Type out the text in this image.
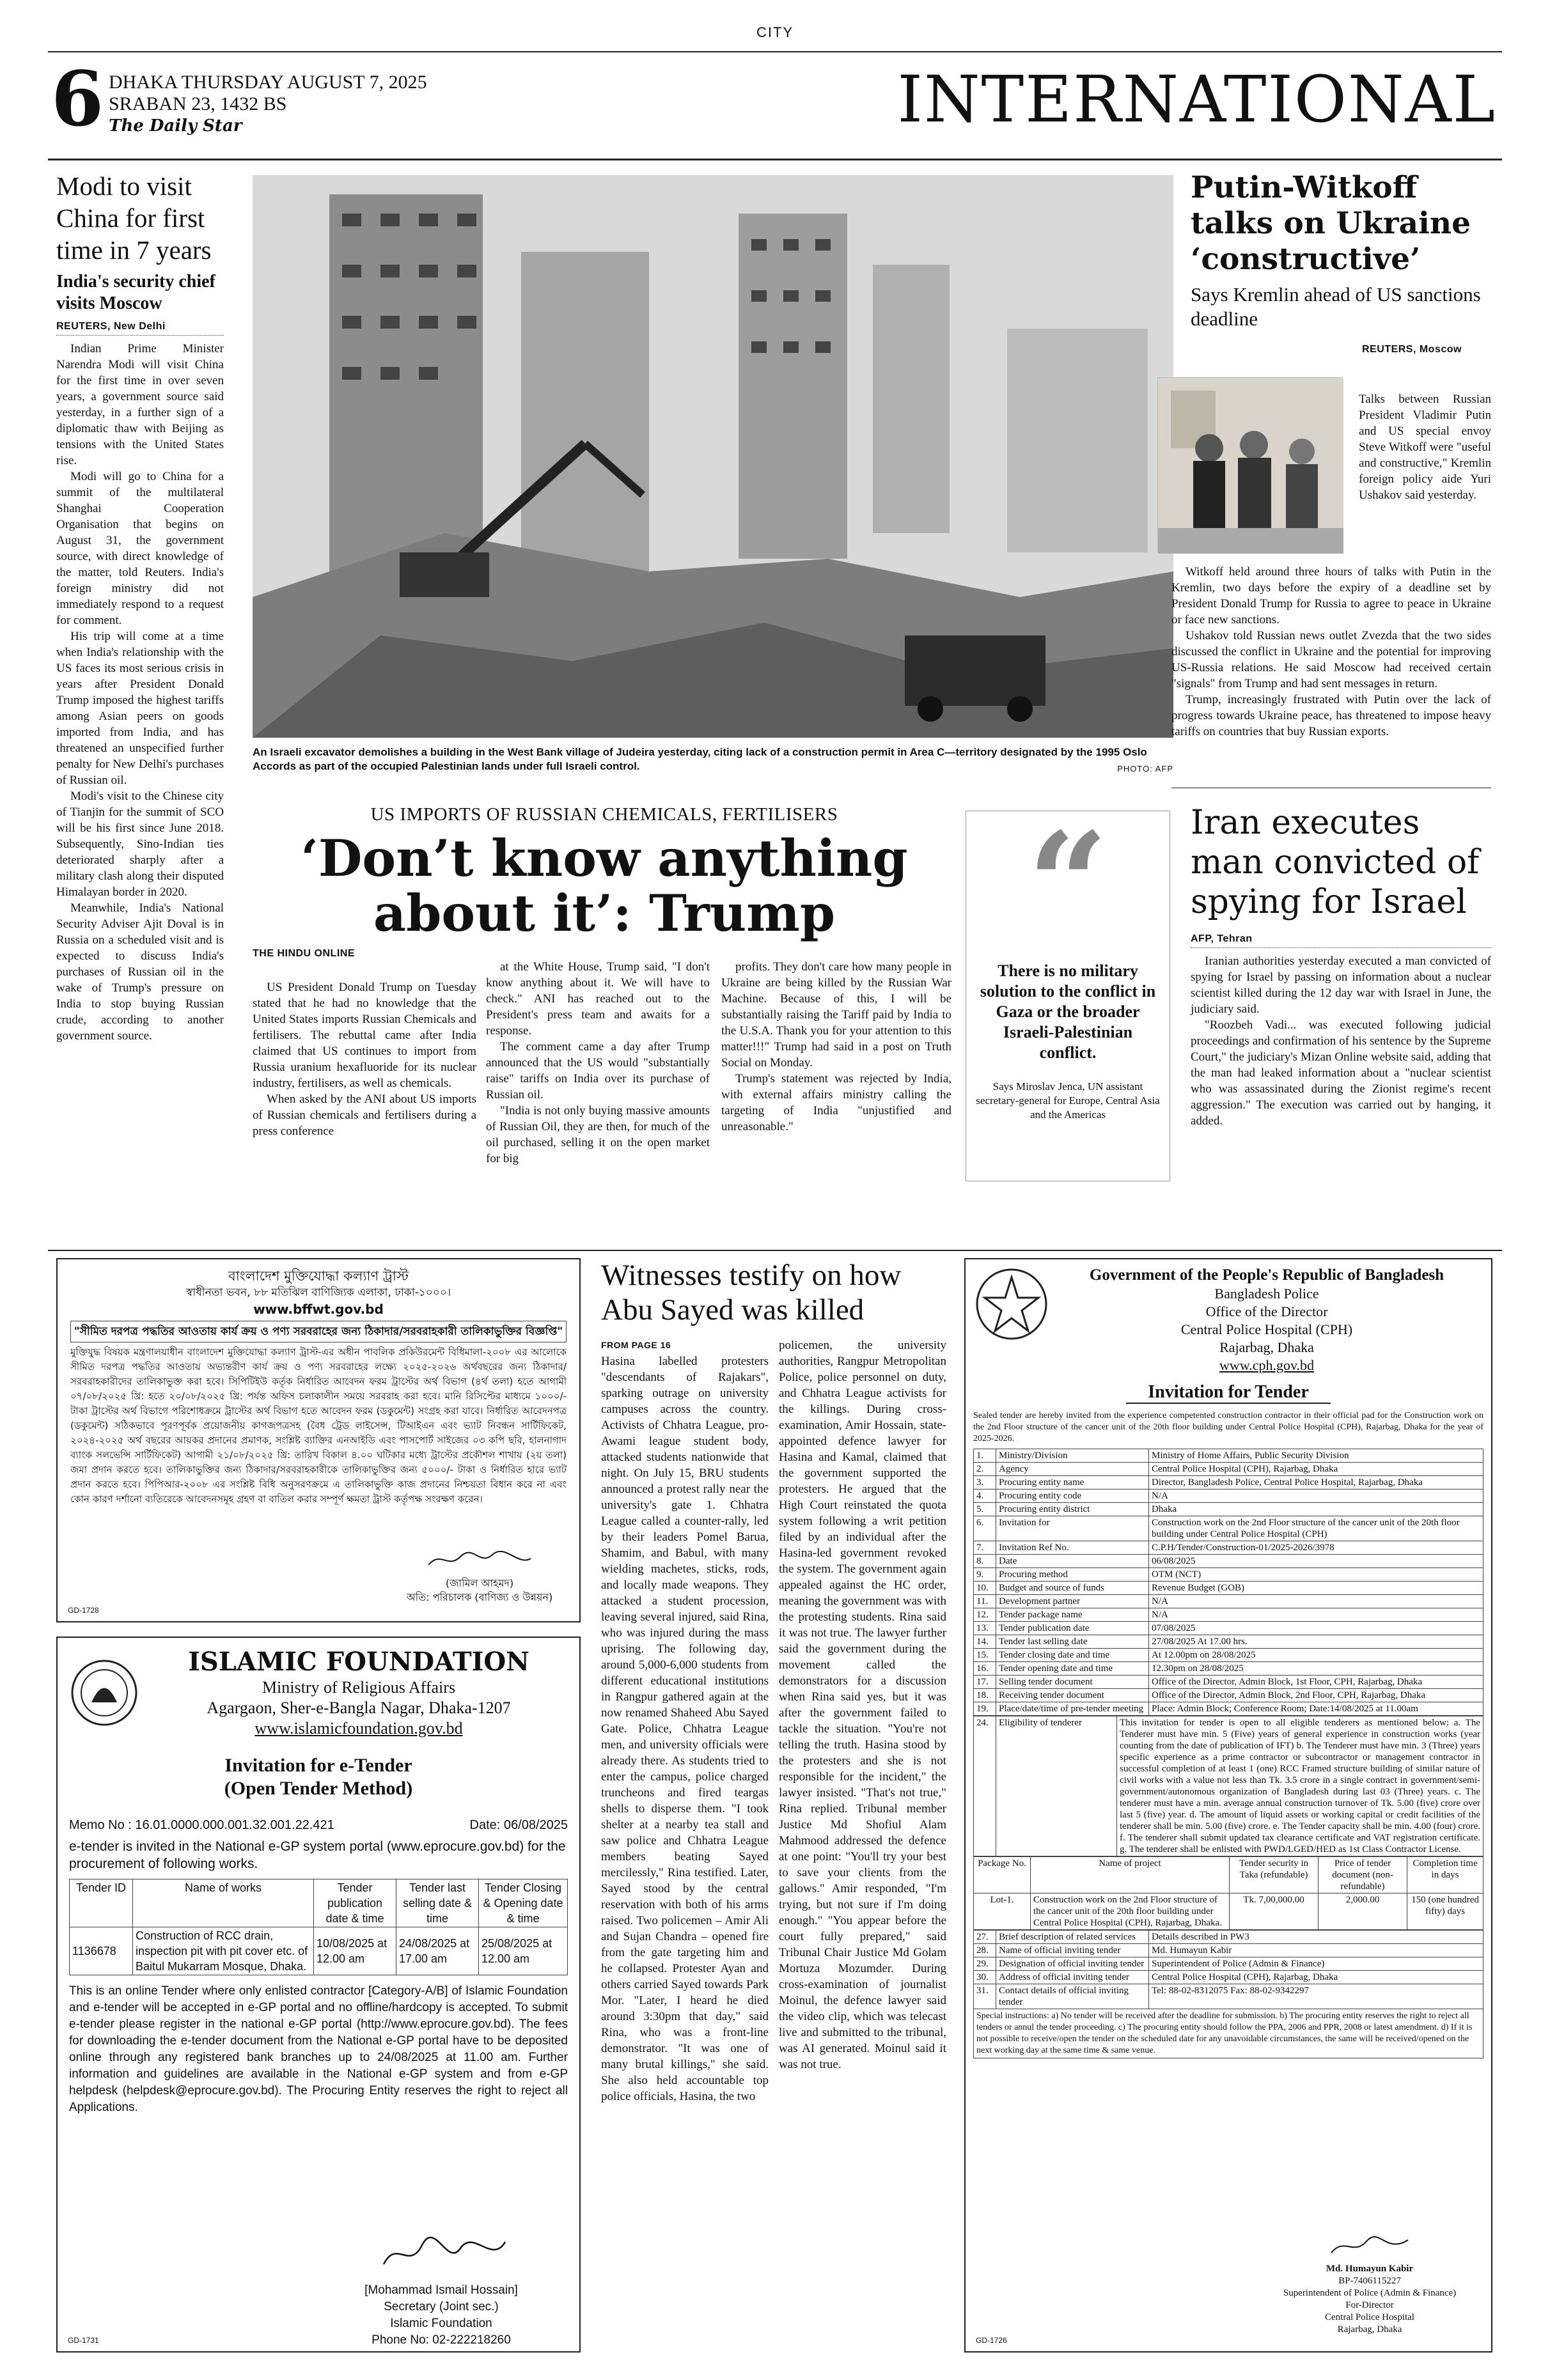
CITY
6 DHAKA THURSDAY AUGUST 7, 2025
SRABAN 23, 1432 BS
The Daily Star	INTERNATIONAL
Modi to visit China for first time in 7 years
India's security chief visits Moscow
REUTERS, New Delhi

Indian Prime Minister Narendra Modi will visit China for the first time in over seven years, a government source said yesterday, in a further sign of a diplomatic thaw with Beijing as tensions with the United States rise.

Modi will go to China for a summit of the multilateral Shanghai Cooperation Organisation that begins on August 31, the government source, with direct knowledge of the matter, told Reuters. India's foreign ministry did not immediately respond to a request for comment.

His trip will come at a time when India's relationship with the US faces its most serious crisis in years after President Donald Trump imposed the highest tariffs among Asian peers on goods imported from India, and has threatened an unspecified further penalty for New Delhi's purchases of Russian oil.

Modi's visit to the Chinese city of Tianjin for the summit of SCO will be his first since June 2018. Subsequently, Sino-Indian ties deteriorated sharply after a military clash along their disputed Himalayan border in 2020.

Meanwhile, India's National Security Adviser Ajit Doval is in Russia on a scheduled visit and is expected to discuss India's purchases of Russian oil in the wake of Trump's pressure on India to stop buying Russian crude, according to another government source.

An Israeli excavator demolishes a building in the West Bank village of Judeira yesterday, citing lack of a construction permit in Area C—territory designated by the 1995 Oslo Accords as part of the occupied Palestinian lands under full Israeli control.	PHOTO: AFP
US IMPORTS OF RUSSIAN CHEMICALS, FERTILISERS
‘Don’t know anything
about it’: Trump
THE HINDU ONLINE

US President Donald Trump on Tuesday stated that he had no knowledge that the United States imports Russian Chemicals and fertilisers. The rebuttal came after India claimed that US continues to import from Russia uranium hexafluoride for its nuclear industry, fertilisers, as well as chemicals.

When asked by the ANI about US imports of Russian chemicals and fertilisers during a press conference

at the White House, Trump said, "I don't know anything about it. We will have to check." ANI has reached out to the President's press team and awaits for a response.

The comment came a day after Trump announced that the US would "substantially raise" tariffs on India over its purchase of Russian oil.

"India is not only buying massive amounts of Russian Oil, they are then, for much of the oil purchased, selling it on the open market for big

profits. They don't care how many people in Ukraine are being killed by the Russian War Machine. Because of this, I will be substantially raising the Tariff paid by India to the U.S.A. Thank you for your attention to this matter!!!" Trump had said in a post on Truth Social on Monday.

Trump's statement was rejected by India, with external affairs ministry calling the targeting of India "unjustified and unreasonable."

“
There is no military solution to the conflict in Gaza or the broader Israeli-Palestinian conflict.
Says Miroslav Jenca, UN assistant secretary-general for Europe, Central Asia and the Americas
Putin-Witkoff talks on Ukraine ‘constructive’
Says Kremlin ahead of US sanctions deadline
REUTERS, Moscow

Talks between Russian President Vladimir Putin and US special envoy Steve Witkoff were "useful and constructive," Kremlin foreign policy aide Yuri Ushakov said yesterday.

Witkoff held around three hours of talks with Putin in the Kremlin, two days before the expiry of a deadline set by President Donald Trump for Russia to agree to peace in Ukraine or face new sanctions.

Ushakov told Russian news outlet Zvezda that the two sides discussed the conflict in Ukraine and the potential for improving US-Russia relations. He said Moscow had received certain "signals" from Trump and had sent messages in return.

Trump, increasingly frustrated with Putin over the lack of progress towards Ukraine peace, has threatened to impose heavy tariffs on countries that buy Russian exports.

Iran executes man convicted of spying for Israel
AFP, Tehran

Iranian authorities yesterday executed a man convicted of spying for Israel by passing on information about a nuclear scientist killed during the 12 day war with Israel in June, the judiciary said.

"Roozbeh Vadi... was executed following judicial proceedings and confirmation of his sentence by the Supreme Court," the judiciary's Mizan Online website said, adding that the man had leaked information about a "nuclear scientist who was assassinated during the Zionist regime's recent aggression." The execution was carried out by hanging, it added.

Witnesses testify on how Abu Sayed was killed
FROM PAGE 16

Hasina labelled protesters "descendants of Rajakars", sparking outrage on university campuses across the country. Activists of Chhatra League, pro-Awami league student body, attacked students nationwide that night. On July 15, BRU students announced a protest rally near the university's gate 1. Chhatra League called a counter-rally, led by their leaders Pomel Barua, Shamim, and Babul, with many wielding machetes, sticks, rods, and locally made weapons. They attacked a student procession, leaving several injured, said Rina, who was injured during the mass uprising. The following day, around 5,000-6,000 students from different educational institutions in Rangpur gathered again at the now renamed Shaheed Abu Sayed Gate. Police, Chhatra League men, and university officials were already there. As students tried to enter the campus, police charged truncheons and fired teargas shells to disperse them. "I took shelter at a nearby tea stall and saw police and Chhatra League members beating Sayed mercilessly," Rina testified. Later, Sayed stood by the central reservation with both of his arms raised. Two policemen – Amir Ali and Sujan Chandra – opened fire from the gate targeting him and he collapsed. Protester Ayan and others carried Sayed towards Park Mor. "Later, I heard he died around 3:30pm that day," said Rina, who was a front-line demonstrator. "It was one of many brutal killings," she said. She also held accountable top police officials, Hasina, the two

policemen, the university authorities, Rangpur Metropolitan Police, police personnel on duty, and Chhatra League activists for the killings. During cross-examination, Amir Hossain, state-appointed defence lawyer for Hasina and Kamal, claimed that the government supported the protesters. He argued that the High Court reinstated the quota system following a writ petition filed by an individual after the Hasina-led government revoked the system. The government again appealed against the HC order, meaning the government was with the protesting students. Rina said it was not true. The lawyer further said the government during the movement called the demonstrators for a discussion when Rina said yes, but it was after the government failed to tackle the situation. "You're not telling the truth. Hasina stood by the protesters and she is not responsible for the incident," the lawyer insisted. "That's not true," Rina replied. Tribunal member Justice Md Shofiul Alam Mahmood addressed the defence at one point: "You'll try your best to save your clients from the gallows." Amir responded, "I'm trying, but not sure if I'm doing enough." "You appear before the court fully prepared," said Tribunal Chair Justice Md Golam Mortuza Mozumder. During cross-examination of journalist Moinul, the defence lawyer said the video clip, which was telecast live and submitted to the tribunal, was AI generated. Moinul said it was not true.

বাংলাদেশ মুক্তিযোদ্ধা কল্যাণ ট্রাস্ট
স্বাধীনতা ভবন, ৮৮ মতিঝিল বাণিজ্যিক এলাকা, ঢাকা-১০০০।
www.bffwt.gov.bd
"সীমিত দরপত্র পদ্ধতির আওতায় কার্য ক্রয় ও পণ্য সরবরাহের জন্য ঠিকাদার/সরবরাহকারী তালিকাভুক্তির বিজ্ঞপ্তি"
মুক্তিযুদ্ধ বিষয়ক মন্ত্রণালয়াধীন বাংলাদেশ মুক্তিযোদ্ধা কল্যাণ ট্রাস্ট-এর অধীন পাবলিক প্রকিউরমেন্ট বিধিমালা-২০০৮ এর আলোকে সীমিত দরপত্র পদ্ধতির আওতায় অভ্যন্তরীণ কার্য ক্রয় ও পণ্য সরবরাহের লক্ষ্যে ২০২৫-২০২৬ অর্থবছরের জন্য ঠিকাদার/সরবরাহকারীদের তালিকাভুক্ত করা হবে। সিপিটিইউ কর্তৃক নির্ধারিত আবেদন ফরম ট্রাস্টের অর্থ বিভাগ (৪র্থ তলা) হতে আগামী ০৭/০৮/২০২৫ খ্রি: হতে ২০/০৮/২০২৫ খ্রি: পর্যন্ত অফিস চলাকালীন সময়ে সরবরাহ করা হবে। মানি রিসিপ্টের মাধ্যমে ১০০০/- টাকা ট্রাস্টের অর্থ বিভাগে পরিশোধক্রমে ট্রাস্টের অর্থ বিভাগ হতে আবেদন ফরম (ডকুমেন্ট) সংগ্রহ করা যাবে। নির্ধারিত আবেদনপত্র (ডকুমেন্ট) সঠিকভাবে পূরণপূর্বক প্রয়োজনীয় কাগজপত্রসহ (বৈধ ট্রেড লাইসেন্স, টিআইএন এবং ভ্যাট নিবন্ধন সার্টিফিকেট, ২০২৪-২০২৫ অর্থ বছরের আয়কর প্রদানের প্রমাণক, সংশ্লিষ্ট ব্যাক্তির এনআইডি এবং পাসপোর্ট সাইজের ০৩ কপি ছবি, হালনাগাদ ব্যাংক সলভেন্সি সার্টিফিকেট) আগামী ২১/০৮/২০২৫ খ্রি: তারিখ বিকাল ৪.০০ ঘটিকার মধ্যে ট্রাস্টের প্রকৌশল শাখায় (২য় তলা) জমা প্রদান করতে হবে। তালিকাভুক্তির জন্য ঠিকাদার/সরবরাহকারীকে তালিকাভুক্তির জন্য ৫০০০/- টাকা ও নির্ধারিত হারে ভ্যাট প্রদান করতে হবে। পিপিআর-২০০৮ এর সংশ্লিষ্ট বিধি অনুসরণক্রমে এ তালিকাভুক্তি কাজ প্রদানের নিশ্চয়তা বিধান করে না এবং কোন কারণ দর্শানো ব্যতিরেকে আবেদনসমূহ গ্রহণ বা বাতিল করার সম্পূর্ণ ক্ষমতা ট্রাস্ট কর্তৃপক্ষ সংরক্ষণ করেন।
(জামিল আহমদ)
অতি: পরিচালক (বাণিজ্য ও উন্নয়ন)
GD-1728
ISLAMIC FOUNDATION
Ministry of Religious Affairs
Agargaon, Sher-e-Bangla Nagar, Dhaka-1207
www.islamicfoundation.gov.bd
Invitation for e-Tender
(Open Tender Method)
Memo No : 16.01.0000.000.001.32.001.22.421	Date: 06/08/2025
e-tender is invited in the National e-GP system portal (www.eprocure.gov.bd) for the procurement of following works.
Tender ID	Name of works	Tender publication date & time	Tender last selling date & time	Tender Closing & Opening date & time
1136678	Construction of RCC drain, inspection pit with pit cover etc. of Baitul Mukarram Mosque, Dhaka.	10/08/2025 at 12.00 am	24/08/2025 at 17.00 am	25/08/2025 at 12.00 am
This is an online Tender where only enlisted contractor [Category-A/B] of Islamic Foundation and e-tender will be accepted in e-GP portal and no offline/hardcopy is accepted. To submit e-tender please register in the national e-GP portal (http://www.eprocure.gov.bd). The fees for downloading the e-tender document from the National e-GP portal have to be deposited online through any registered bank branches up to 24/08/2025 at 11.00 am. Further information and guidelines are available in the National e-GP system and from e-GP helpdesk (helpdesk@eprocure.gov.bd). The Procuring Entity reserves the right to reject all Applications.
[Mohammad Ismail Hossain]
Secretary (Joint sec.)
Islamic Foundation
Phone No: 02-222218260
GD-1731
Government of the People's Republic of Bangladesh
Bangladesh Police
Office of the Director
Central Police Hospital (CPH)
Rajarbag, Dhaka
www.cph.gov.bd
Invitation for Tender
Sealed tender are hereby invited from the experience competented construction contractor in their official pad for the Construction work on the 2nd Floor structure of the cancer unit of the 20th floor building under Central Police Hospital (CPH), Rajarbag, Dhaka for the year of 2025-2026.
1.	Ministry/Division	Ministry of Home Affairs, Public Security Division
2.	Agency	Central Police Hospital (CPH), Rajarbag, Dhaka
3.	Procuring entity name	Director, Bangladesh Police, Central Police Hospital, Rajarbag, Dhaka
4.	Procuring entity code	N/A
5.	Procuring entity district	Dhaka
6.	Invitation for	Construction work on the 2nd Floor structure of the cancer unit of the 20th floor building under Central Police Hospital (CPH)
7.	Invitation Ref No.	C.P.H/Tender/Construction-01/2025-2026/3978
8.	Date	06/08/2025
9.	Procuring method	OTM (NCT)
10.	Budget and source of funds	Revenue Budget (GOB)
11.	Development partner	N/A
12.	Tender package name	N/A
13.	Tender publication date	07/08/2025
14.	Tender last selling date	27/08/2025 At 17.00 hrs.
15.	Tender closing date and time	At 12.00pm on 28/08/2025
16.	Tender opening date and time	12.30pm on 28/08/2025
17.	Selling tender document	Office of the Director, Admin Block, 1st Floor, CPH, Rajarbag, Dhaka
18.	Receiving tender document	Office of the Director, Admin Block, 2nd Floor, CPH, Rajarbag, Dhaka
19.	Place/date/time of pre-tender meeting	Place: Admin Block; Conference Room; Date:14/08/2025 at 11.00am
24.	Eligibility of tenderer	This invitation for tender is open to all eligible tenderers as mentioned below: a. The Tenderer must have min. 5 (Five) years of general experience in construction works (year counting from the date of publication of IFT) b. The Tenderer must have min. 3 (Three) years specific experience as a prime contractor or subcontractor or management contractor in successful completion of at least 1 (one) RCC Framed structure building of similar nature of civil works with a value not less than Tk. 3.5 crore in a single contract in government/semi-government/autonomous organization of Bangladesh during last 03 (Three) years. c. The tenderer must have a min. average annual construction turnover of Tk. 5.00 (five) crore over last 5 (five) year. d. The amount of liquid assets or working capital or credit facilities of the tenderer shall be min. 5.00 (five) crore. e. The Tender capacity shall be min. 4.00 (four) crore. f. The tenderer shall submit updated tax clearance certificate and VAT registration certificate. g. The tenderer shall be enlisted with PWD/LGED/HED as 1st Class Contractor License.
Package No.	Name of project	Tender security in Taka (refundable)	Price of tender document (non-refundable)	Completion time in days
Lot-1.	Construction work on the 2nd Floor structure of the cancer unit of the 20th floor building under Central Police Hospital (CPH), Rajarbag, Dhaka.	Tk. 7,00,000.00	2,000.00	150 (one hundred fifty) days
27.	Brief description of related services	Details described in PW3
28.	Name of official inviting tender	Md. Humayun Kabir
29.	Designation of official inviting tender	Superintendent of Police (Admin & Finance)
30.	Address of official inviting tender	Central Police Hospital (CPH), Rajarbag, Dhaka
31.	Contact details of official inviting tender	Tel: 88-02-8312075 Fax: 88-02-9342297
Special instructions: a) No tender will be received after the deadline for submission. b) The procuring entity reserves the right to reject all tenders or annul the tender proceeding. c) The procuring entity should follow the PPA, 2006 and PPR, 2008 or latest amendment. d) If it is not possible to receive/open the tender on the scheduled date for any unavoidable circumstances, the same will be received/opened on the next working day at the same time & same venue.
Md. Humayun Kabir
BP-7406115227
Superintendent of Police (Admin & Finance)
For-Director
Central Police Hospital
Rajarbag, Dhaka
GD-1726
